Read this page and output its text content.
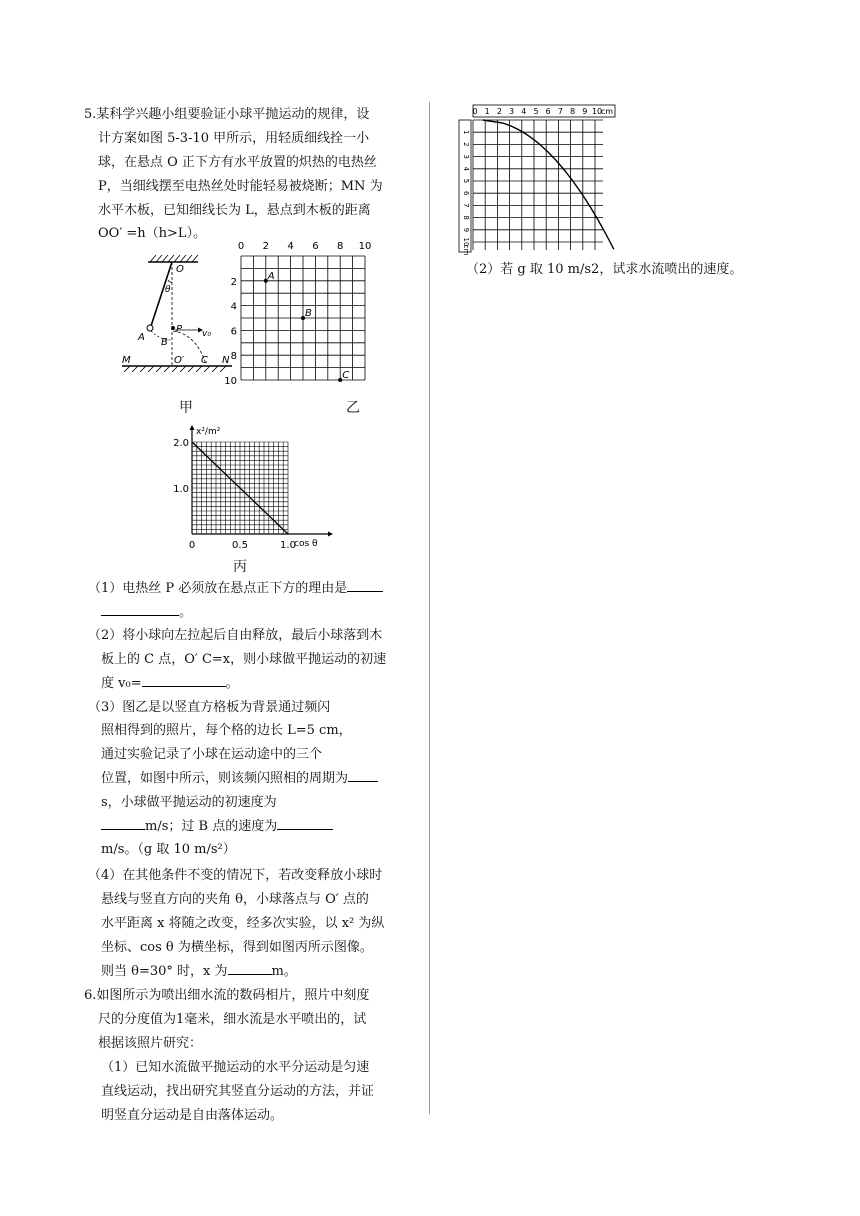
5.某科学兴趣小组要验证小球平抛运动的规律，设
计方案如图 5-3-10 甲所示，用轻质细线拴一小
球，在悬点 O 正下方有水平放置的炽热的电热丝
P，当细线摆至电热丝处时能轻易被烧断；MN 为
水平木板，已知细线长为 L，悬点到木板的距离
OO′ =h（h>L）。
O
θ
A
P v₀
B
O′ C
M	N
甲
0 2 4 6 8 10
2
4
6
8
10
A
B
C
乙
x²/m²
cos θ
2.0
1.0
0	0.5	1.0
丙
（1）电热丝 P 必须放在悬点正下方的理由是
。
（2）将小球向左拉起后自由释放，最后小球落到木
板上的 C 点，O′ C=x，则小球做平抛运动的初速
度 v₀=	。
（3）图乙是以竖直方格板为背景通过频闪
照相得到的照片，每个格的边长 L=5 cm，
通过实验记录了小球在运动途中的三个
位置，如图中所示，则该频闪照相的周期为
s，小球做平抛运动的初速度为
m/s；过 B 点的速度为
m/s。（g 取 10 m/s²）
（4）在其他条件不变的情况下，若改变释放小球时
悬线与竖直方向的夹角 θ，小球落点与 O′ 点的
水平距离 x 将随之改变，经多次实验，以 x² 为纵
坐标、cos θ 为横坐标，得到如图丙所示图像。
则当 θ=30° 时，x 为	m。
6.如图所示为喷出细水流的数码相片，照片中刻度
尺的分度值为1毫米，细水流是水平喷出的，试
根据该照片研究：
（1）已知水流做平抛运动的水平分运动是匀速
直线运动，找出研究其竖直分运动的方法，并证
明竖直分运动是自由落体运动。
0 1 2 3 4 5 6 7 8 9 10
cm
1
2
3
4
5
6
7
8
9
10
cm
（2）若 g 取 10 m/s2，试求水流喷出的速度。
